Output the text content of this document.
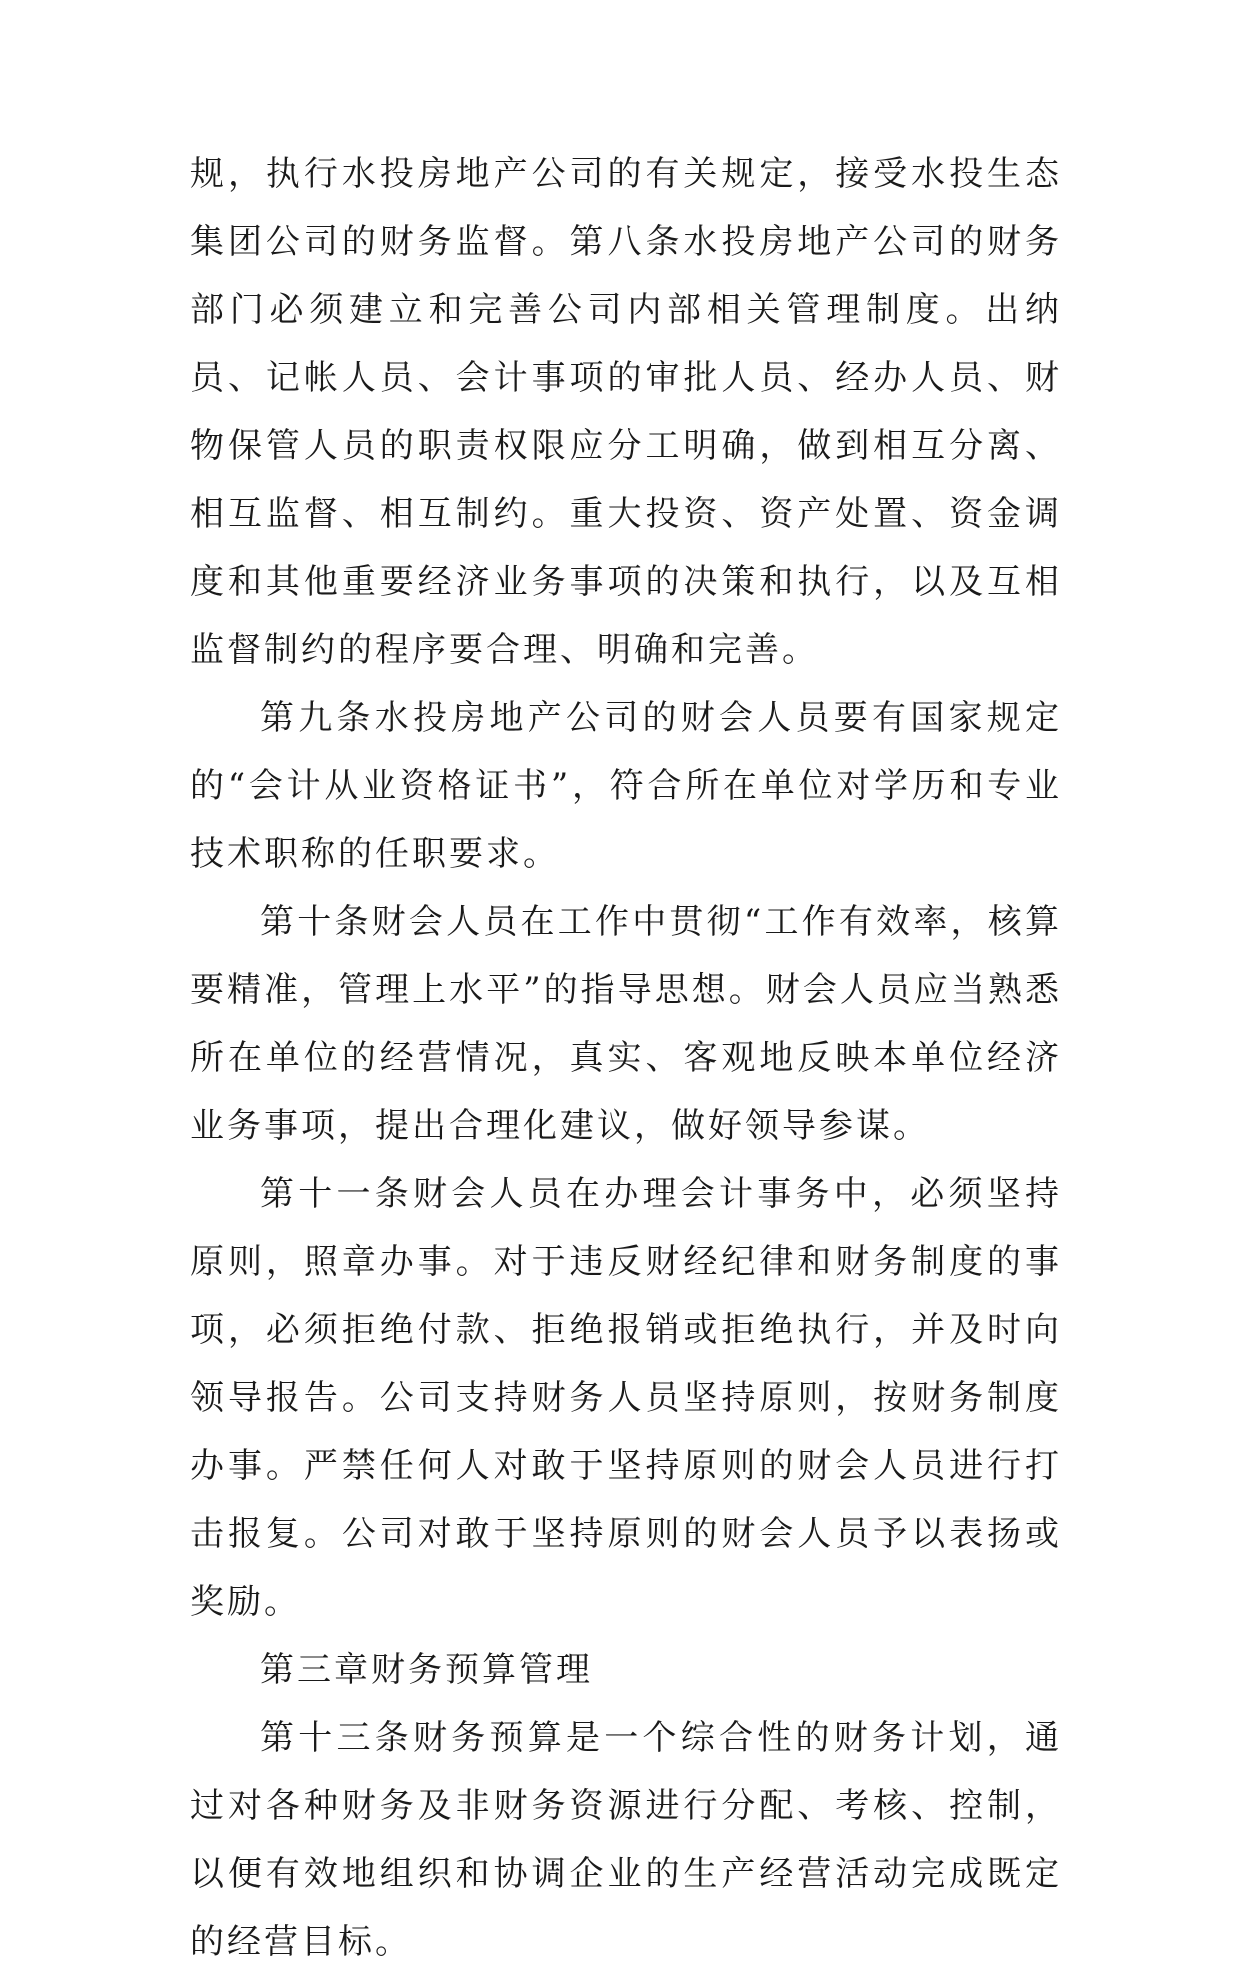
规，执行水投房地产公司的有关规定，接受水投生态集团公司的财务监督。第八条水投房地产公司的财务部门必须建立和完善公司内部相关管理制度。出纳员、记帐人员、会计事项的审批人员、经办人员、财物保管人员的职责权限应分工明确，做到相互分离、相互监督、相互制约。重大投资、资产处置、资金调度和其他重要经济业务事项的决策和执行，以及互相监督制约的程序要合理、明确和完善。

第九条水投房地产公司的财会人员要有国家规定的“会计从业资格证书”，符合所在单位对学历和专业技术职称的任职要求。

第十条财会人员在工作中贯彻“工作有效率，核算要精准，管理上水平”的指导思想。财会人员应当熟悉所在单位的经营情况，真实、客观地反映本单位经济业务事项，提出合理化建议，做好领导参谋。

第十一条财会人员在办理会计事务中，必须坚持原则，照章办事。对于违反财经纪律和财务制度的事项，必须拒绝付款、拒绝报销或拒绝执行，并及时向领导报告。公司支持财务人员坚持原则，按财务制度办事。严禁任何人对敢于坚持原则的财会人员进行打击报复。公司对敢于坚持原则的财会人员予以表扬或奖励。

第三章财务预算管理

第十三条财务预算是一个综合性的财务计划，通过对各种财务及非财务资源进行分配、考核、控制，以便有效地组织和协调企业的生产经营活动完成既定的经营目标。
